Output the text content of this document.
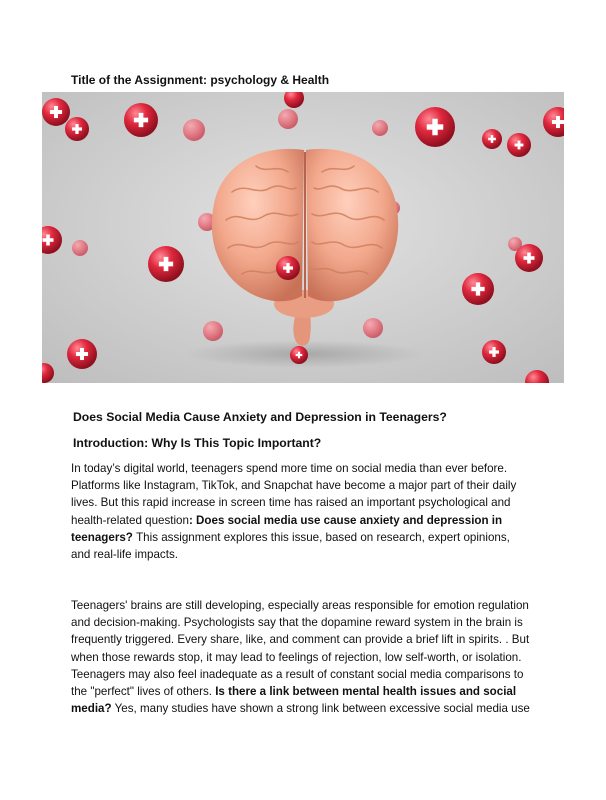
Title of the Assignment: psychology & Health
Does Social Media Cause Anxiety and Depression in Teenagers?
Introduction: Why Is This Topic Important?

In today’s digital world, teenagers spend more time on social media than ever before. Platforms like Instagram, TikTok, and Snapchat have become a major part of their daily lives. But this rapid increase in screen time has raised an important psychological and health-related question: Does social media use cause anxiety and depression in teenagers? This assignment explores this issue, based on research, expert opinions, and real-life impacts.

Teenagers' brains are still developing, especially areas responsible for emotion regulation and decision-making. Psychologists say that the dopamine reward system in the brain is frequently triggered. Every share, like, and comment can provide a brief lift in spirits. . But when those rewards stop, it may lead to feelings of rejection, low self-worth, or isolation. Teenagers may also feel inadequate as a result of constant social media comparisons to the "perfect" lives of others. Is there a link between mental health issues and social media? Yes, many studies have shown a strong link between excessive social media use
